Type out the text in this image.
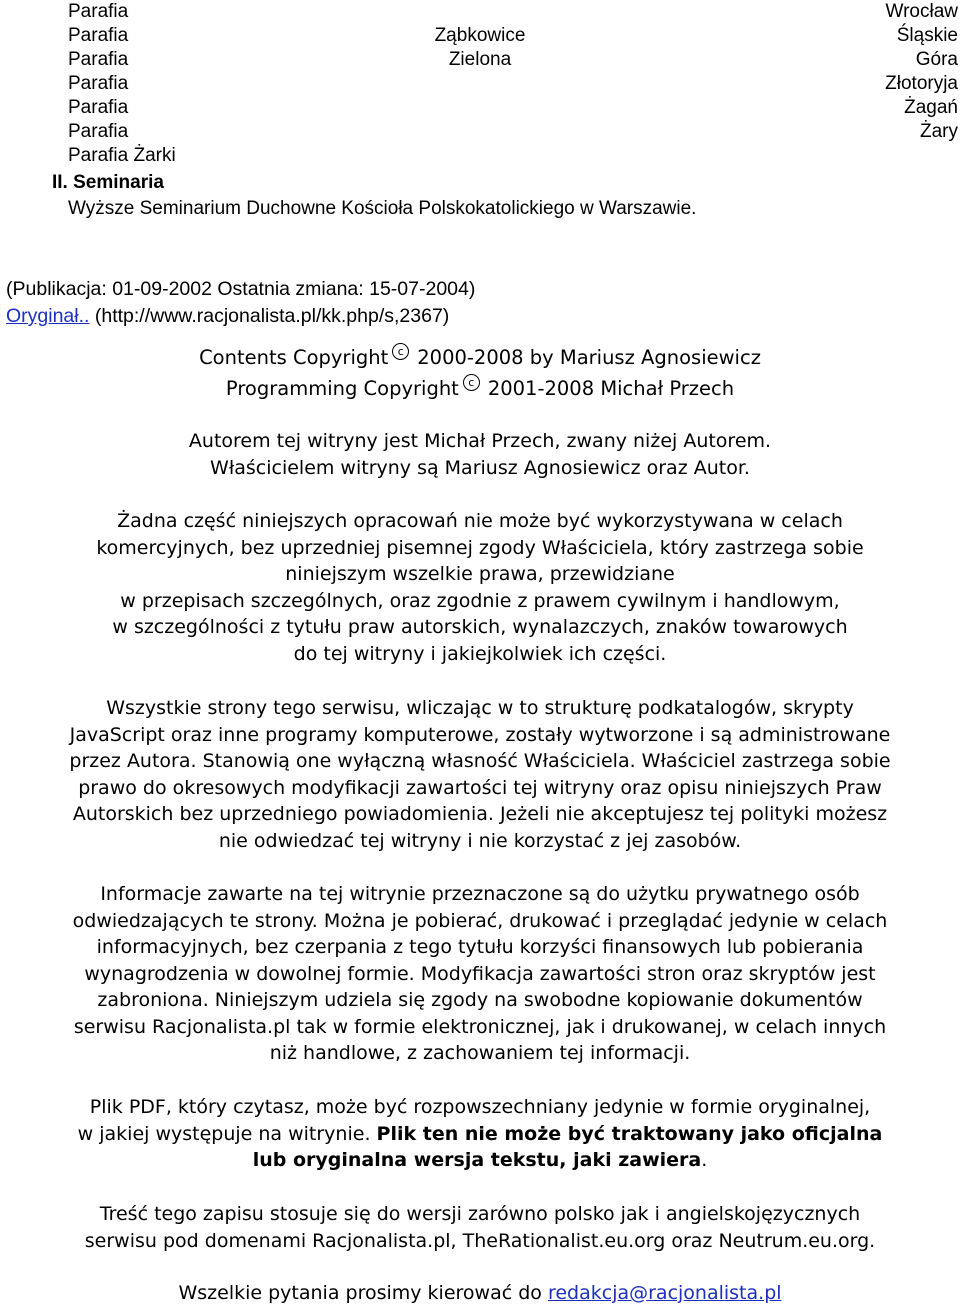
Parafia
Parafia
Parafia
Parafia
Parafia
Parafia
Parafia Żarki
Ząbkowice
Zielona
Wrocław
Śląskie
Góra
Złotoryja
Żagań
Żary
II. Seminaria
Wyższe Seminarium Duchowne Kościoła Polskokatolickiego w Warszawie.
(Publikacja: 01-09-2002 Ostatnia zmiana: 15-07-2004)
Oryginał.. (http://www.racjonalista.pl/kk.php/s,2367)
Contents Copyright c 2000-2008 by Mariusz Agnosiewicz
Programming Copyright c 2001-2008 Michał Przech
Autorem tej witryny jest Michał Przech, zwany niżej Autorem.
Właścicielem witryny są Mariusz Agnosiewicz oraz Autor.
Żadna część niniejszych opracowań nie może być wykorzystywana w celach
komercyjnych, bez uprzedniej pisemnej zgody Właściciela, który zastrzega sobie
niniejszym wszelkie prawa, przewidziane
w przepisach szczególnych, oraz zgodnie z prawem cywilnym i handlowym,
w szczególności z tytułu praw autorskich, wynalazczych, znaków towarowych
do tej witryny i jakiejkolwiek ich części.
Wszystkie strony tego serwisu, wliczając w to strukturę podkatalogów, skrypty
JavaScript oraz inne programy komputerowe, zostały wytworzone i są administrowane
przez Autora. Stanowią one wyłączną własność Właściciela. Właściciel zastrzega sobie
prawo do okresowych modyfikacji zawartości tej witryny oraz opisu niniejszych Praw
Autorskich bez uprzedniego powiadomienia. Jeżeli nie akceptujesz tej polityki możesz
nie odwiedzać tej witryny i nie korzystać z jej zasobów.
Informacje zawarte na tej witrynie przeznaczone są do użytku prywatnego osób
odwiedzających te strony. Można je pobierać, drukować i przeglądać jedynie w celach
informacyjnych, bez czerpania z tego tytułu korzyści finansowych lub pobierania
wynagrodzenia w dowolnej formie. Modyfikacja zawartości stron oraz skryptów jest
zabroniona. Niniejszym udziela się zgody na swobodne kopiowanie dokumentów
serwisu Racjonalista.pl tak w formie elektronicznej, jak i drukowanej, w celach innych
niż handlowe, z zachowaniem tej informacji.
Plik PDF, który czytasz, może być rozpowszechniany jedynie w formie oryginalnej,
w jakiej występuje na witrynie. Plik ten nie może być traktowany jako oficjalna
lub oryginalna wersja tekstu, jaki zawiera.
Treść tego zapisu stosuje się do wersji zarówno polsko jak i angielskojęzycznych
serwisu pod domenami Racjonalista.pl, TheRationalist.eu.org oraz Neutrum.eu.org.
Wszelkie pytania prosimy kierować do redakcja@racjonalista.pl
